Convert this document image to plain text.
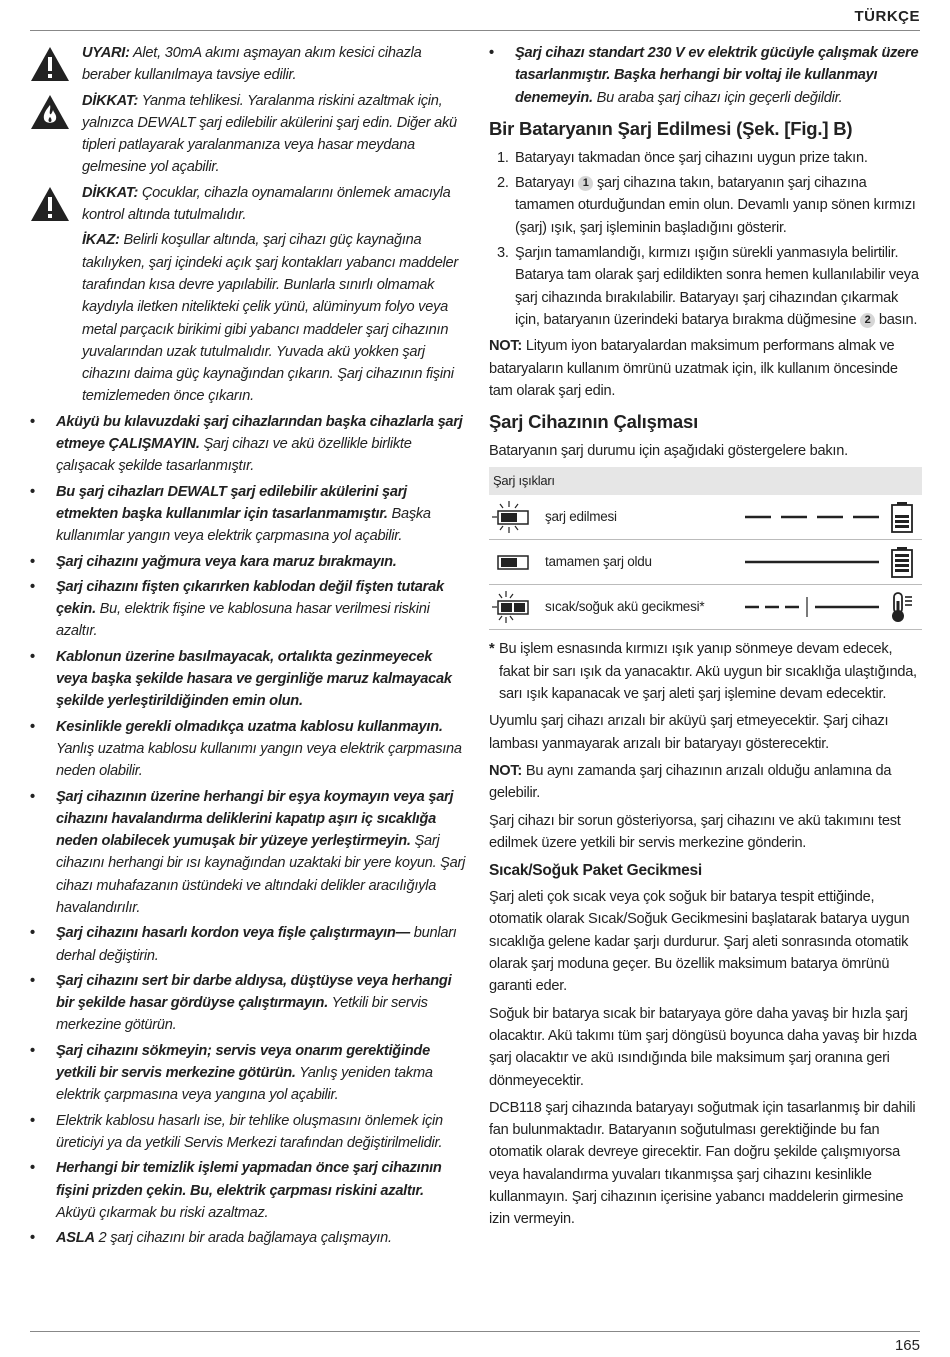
TÜRKÇE
UYARI: Alet, 30mA akımı aşmayan akım kesici cihazla beraber kullanılmaya tavsiye edilir.
DİKKAT: Yanma tehlikesi. Yaralanma riskini azaltmak için, yalnızca DEWALT şarj edilebilir akülerini şarj edin. Diğer akü tipleri patlayarak yaralanmanıza veya hasar meydana gelmesine yol açabilir.
DİKKAT: Çocuklar, cihazla oynamalarını önlemek amacıyla kontrol altında tutulmalıdır.
İKAZ: Belirli koşullar altında, şarj cihazı güç kaynağına takılıyken, şarj içindeki açık şarj kontakları yabancı maddeler tarafından kısa devre yapılabilir. Bunlarla sınırlı olmamak kaydıyla iletken nitelikteki çelik yünü, alüminyum folyo veya metal parçacık birikimi gibi yabancı maddeler şarj cihazının yuvalarından uzak tutulmalıdır. Yuvada akü yokken şarj cihazını daima güç kaynağından çıkarın. Şarj cihazının fişini temizlemeden önce çıkarın.
• Aküyü bu kılavuzdaki şarj cihazlarından başka cihazlarla şarj etmeye ÇALIŞMAYIN. Şarj cihazı ve akü özellikle birlikte çalışacak şekilde tasarlanmıştır.
• Bu şarj cihazları DEWALT şarj edilebilir akülerini şarj etmekten başka kullanımlar için tasarlanmamıştır. Başka kullanımlar yangın veya elektrik çarpmasına yol açabilir.
• Şarj cihazını yağmura veya kara maruz bırakmayın.
• Şarj cihazını fişten çıkarırken kablodan değil fişten tutarak çekin. Bu, elektrik fişine ve kablosuna hasar verilmesi riskini azaltır.
• Kablonun üzerine basılmayacak, ortalıkta gezinmeyecek veya başka şekilde hasara ve gerginliğe maruz kalmayacak şekilde yerleştirildiğinden emin olun.
• Kesinlikle gerekli olmadıkça uzatma kablosu kullanmayın. Yanlış uzatma kablosu kullanımı yangın veya elektrik çarpmasına neden olabilir.
• Şarj cihazının üzerine herhangi bir eşya koymayın veya şarj cihazını havalandırma deliklerini kapatıp aşırı iç sıcaklığa neden olabilecek yumuşak bir yüzeye yerleştirmeyin. Şarj cihazını herhangi bir ısı kaynağından uzaktaki bir yere koyun. Şarj cihazı muhafazanın üstündeki ve altındaki delikler aracılığıyla havalandırılır.
• Şarj cihazını hasarlı kordon veya fişle çalıştırmayın— bunları derhal değiştirin.
• Şarj cihazını sert bir darbe aldıysa, düştüyse veya herhangi bir şekilde hasar gördüyse çalıştırmayın. Yetkili bir servis merkezine götürün.
• Şarj cihazını sökmeyin; servis veya onarım gerektiğinde yetkili bir servis merkezine götürün. Yanlış yeniden takma elektrik çarpmasına veya yangına yol açabilir.
• Elektrik kablosu hasarlı ise, bir tehlike oluşmasını önlemek için üreticiyi ya da yetkili Servis Merkezi tarafından değiştirilmelidir.
• Herhangi bir temizlik işlemi yapmadan önce şarj cihazının fişini prizden çekin. Bu, elektrik çarpması riskini azaltır. Aküyü çıkarmak bu riski azaltmaz.
• ASLA 2 şarj cihazını bir arada bağlamaya çalışmayın.
• Şarj cihazı standart 230 V ev elektrik gücüyle çalışmak üzere tasarlanmıştır. Başka herhangi bir voltaj ile kullanmayı denemeyin. Bu araba şarj cihazı için geçerli değildir.
Bir Bataryanın Şarj Edilmesi (Şek. [Fig.] B)
1. Bataryayı takmadan önce şarj cihazını uygun prize takın.
2. Bataryayı 1 şarj cihazına takın, bataryanın şarj cihazına tamamen oturduğundan emin olun. Devamlı yanıp sönen kırmızı (şarj) ışık, şarj işleminin başladığını gösterir.
3. Şarjın tamamlandığı, kırmızı ışığın sürekli yanmasıyla belirtilir. Batarya tam olarak şarj edildikten sonra hemen kullanılabilir veya şarj cihazında bırakılabilir. Bataryayı şarj cihazından çıkarmak için, bataryanın üzerindeki batarya bırakma düğmesine 2 basın.

NOT: Lityum iyon bataryalardan maksimum performans almak ve bataryaların kullanım ömrünü uzatmak için, ilk kullanım öncesinde tam olarak şarj edin.

Şarj Cihazının Çalışması

Bataryanın şarj durumu için aşağıdaki göstergelere bakın.

Şarj ışıkları
şarj edilmesi
tamamen şarj oldu
sıcak/soğuk akü gecikmesi*

* Bu işlem esnasında kırmızı ışık yanıp sönmeye devam edecek, fakat bir sarı ışık da yanacaktır. Akü uygun bir sıcaklığa ulaştığında, sarı ışık kapanacak ve şarj aleti şarj işlemine devam edecektir.

Uyumlu şarj cihazı arızalı bir aküyü şarj etmeyecektir. Şarj cihazı lambası yanmayarak arızalı bir bataryayı gösterecektir.

NOT: Bu aynı zamanda şarj cihazının arızalı olduğu anlamına da gelebilir.

Şarj cihazı bir sorun gösteriyorsa, şarj cihazını ve akü takımını test edilmek üzere yetkili bir servis merkezine gönderin.

Sıcak/Soğuk Paket Gecikmesi

Şarj aleti çok sıcak veya çok soğuk bir batarya tespit ettiğinde, otomatik olarak Sıcak/Soğuk Gecikmesini başlatarak batarya uygun sıcaklığa gelene kadar şarjı durdurur. Şarj aleti sonrasında otomatik olarak şarj moduna geçer. Bu özellik maksimum batarya ömrünü garanti eder.

Soğuk bir batarya sıcak bir bataryaya göre daha yavaş bir hızla şarj olacaktır. Akü takımı tüm şarj döngüsü boyunca daha yavaş bir hızda şarj olacaktır ve akü ısındığında bile maksimum şarj oranına geri dönmeyecektir.

DCB118 şarj cihazında bataryayı soğutmak için tasarlanmış bir dahili fan bulunmaktadır. Bataryanın soğutulması gerektiğinde bu fan otomatik olarak devreye girecektir. Fan doğru şekilde çalışmıyorsa veya havalandırma yuvaları tıkanmışsa şarj cihazını kesinlikle kullanmayın. Şarj cihazının içerisine yabancı maddelerin girmesine izin vermeyin.

165
